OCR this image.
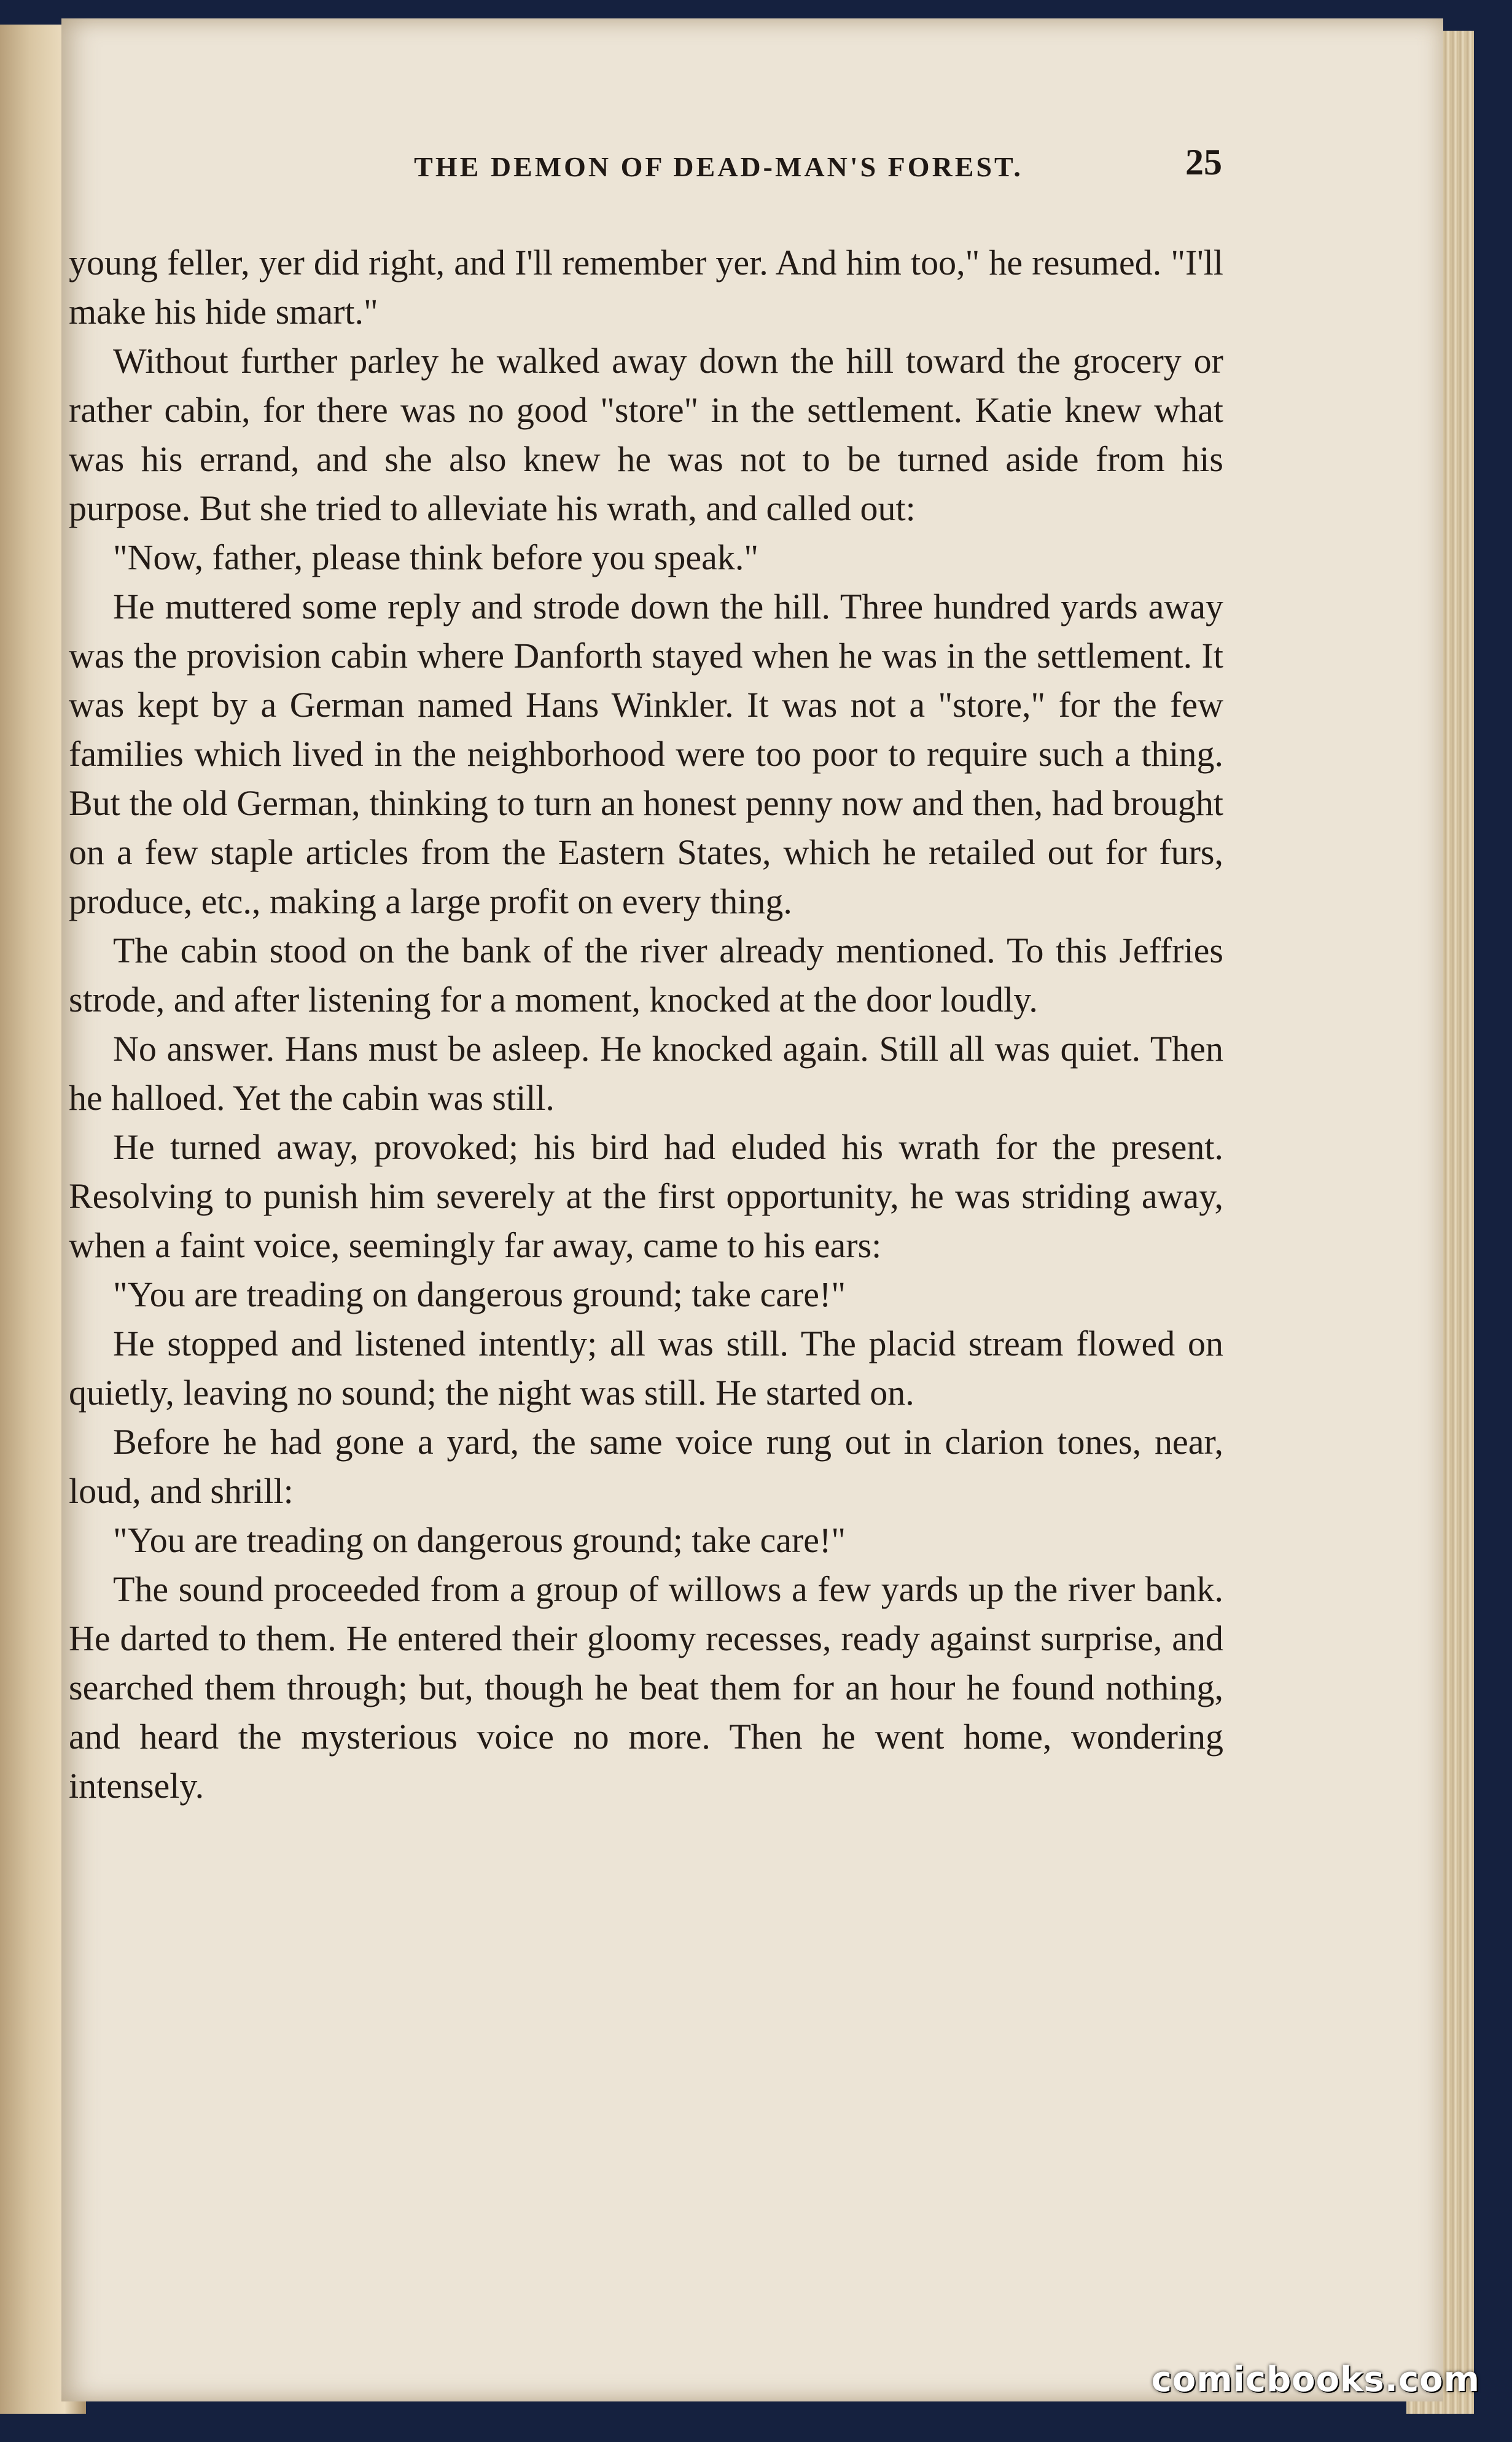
THE DEMON OF DEAD-MAN'S FOREST.	25

young feller, yer did right, and I'll remember yer. And him too," he resumed. "I'll make his hide smart."

Without further parley he walked away down the hill toward the grocery or rather cabin, for there was no good "store" in the settlement. Katie knew what was his errand, and she also knew he was not to be turned aside from his purpose. But she tried to alleviate his wrath, and called out:

"Now, father, please think before you speak."

He muttered some reply and strode down the hill. Three hundred yards away was the provision cabin where Danforth stayed when he was in the settlement. It was kept by a German named Hans Winkler. It was not a "store," for the few families which lived in the neighborhood were too poor to require such a thing. But the old German, thinking to turn an honest penny now and then, had brought on a few staple articles from the Eastern States, which he retailed out for furs, produce, etc., making a large profit on every thing.

The cabin stood on the bank of the river already mentioned. To this Jeffries strode, and after listening for a moment, knocked at the door loudly.

No answer. Hans must be asleep. He knocked again. Still all was quiet. Then he halloed. Yet the cabin was still.

He turned away, provoked; his bird had eluded his wrath for the present. Resolving to punish him severely at the first opportunity, he was striding away, when a faint voice, seemingly far away, came to his ears:

"You are treading on dangerous ground; take care!"

He stopped and listened intently; all was still. The placid stream flowed on quietly, leaving no sound; the night was still. He started on.

Before he had gone a yard, the same voice rung out in clarion tones, near, loud, and shrill:

"You are treading on dangerous ground; take care!"

The sound proceeded from a group of willows a few yards up the river bank. He darted to them. He entered their gloomy recesses, ready against surprise, and searched them through; but, though he beat them for an hour he found nothing, and heard the mysterious voice no more. Then he went home, wondering intensely.

comicbooks.com
